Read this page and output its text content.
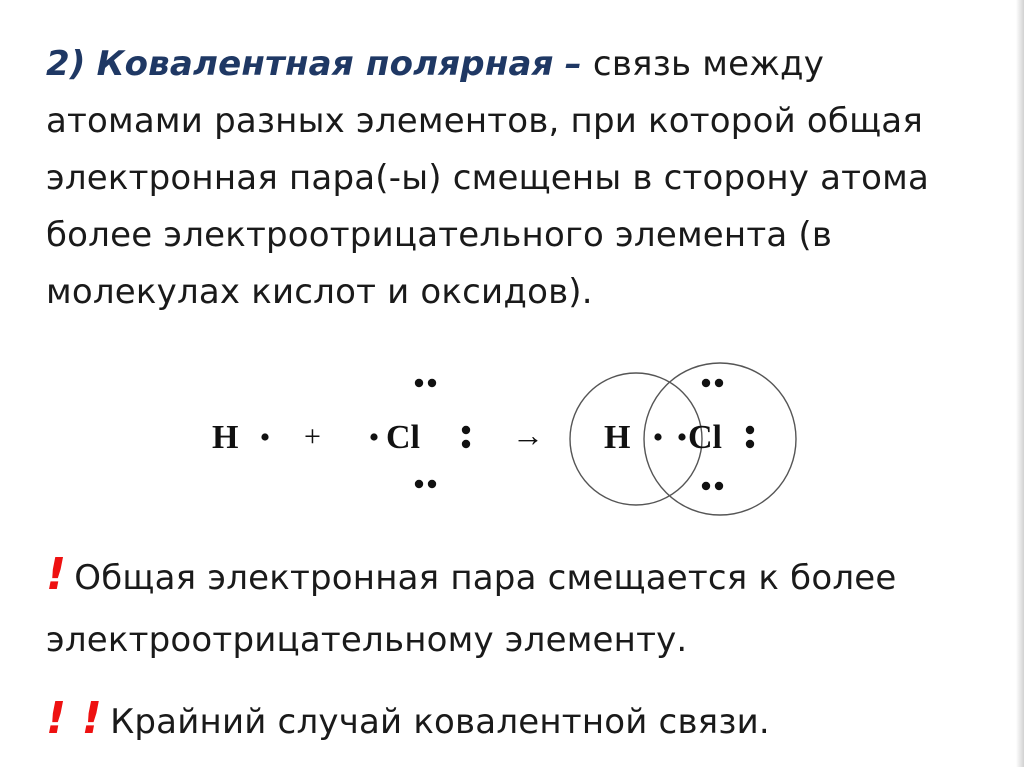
2) Ковалентная полярная – связь между
атомами разных элементов, при которой общая
электронная пара(-ы) смещены в сторону атома
более электроотрицательного элемента (в
молекулах кислот и оксидов).
H + Cl	→ H Cl
! Общая электронная пара смещается к более
электроотрицательному элементу.
! ! Крайний случай ковалентной связи.
